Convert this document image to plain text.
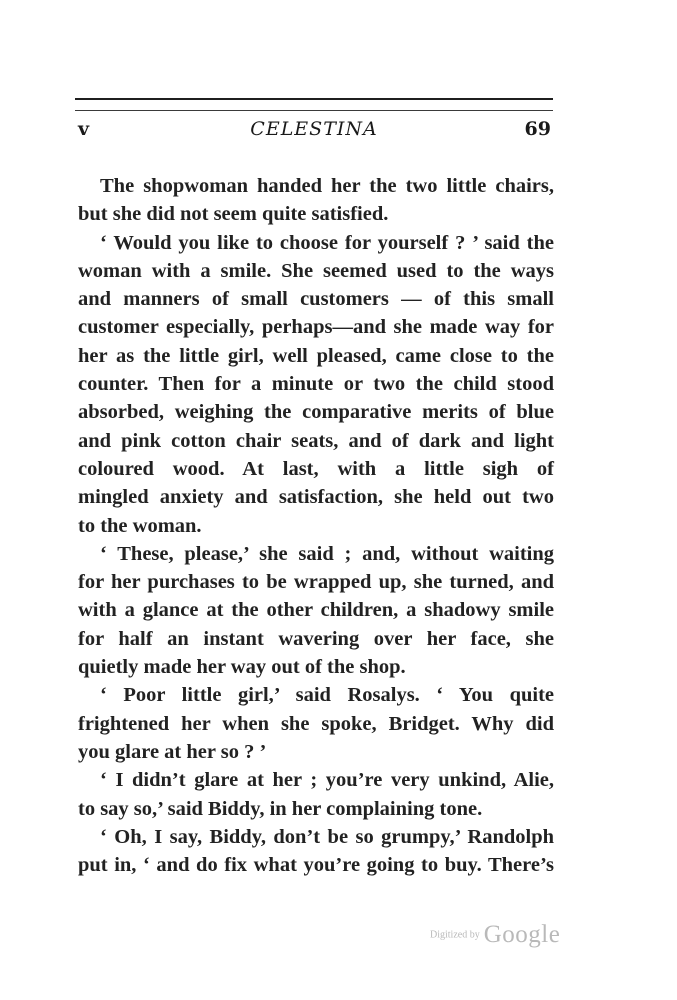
v	CELESTINA	69
The shopwoman handed her the two little chairs,
but she did not seem quite satisfied.
‘ Would you like to choose for yourself ? ’ said the
woman with a smile. She seemed used to the ways
and manners of small customers — of this small
customer especially, perhaps—and she made way for
her as the little girl, well pleased, came close to the
counter. Then for a minute or two the child stood
absorbed, weighing the comparative merits of blue
and pink cotton chair seats, and of dark and light
coloured wood. At last, with a little sigh of
mingled anxiety and satisfaction, she held out two
to the woman.
‘ These, please,’ she said ; and, without waiting
for her purchases to be wrapped up, she turned, and
with a glance at the other children, a shadowy smile
for half an instant wavering over her face, she
quietly made her way out of the shop.
‘ Poor little girl,’ said Rosalys. ‘ You quite
frightened her when she spoke, Bridget. Why did
you glare at her so ? ’
‘ I didn’t glare at her ; you’re very unkind, Alie,
to say so,’ said Biddy, in her complaining tone.
‘ Oh, I say, Biddy, don’t be so grumpy,’ Randolph
put in, ‘ and do fix what you’re going to buy. There’s
Digitized by Google
